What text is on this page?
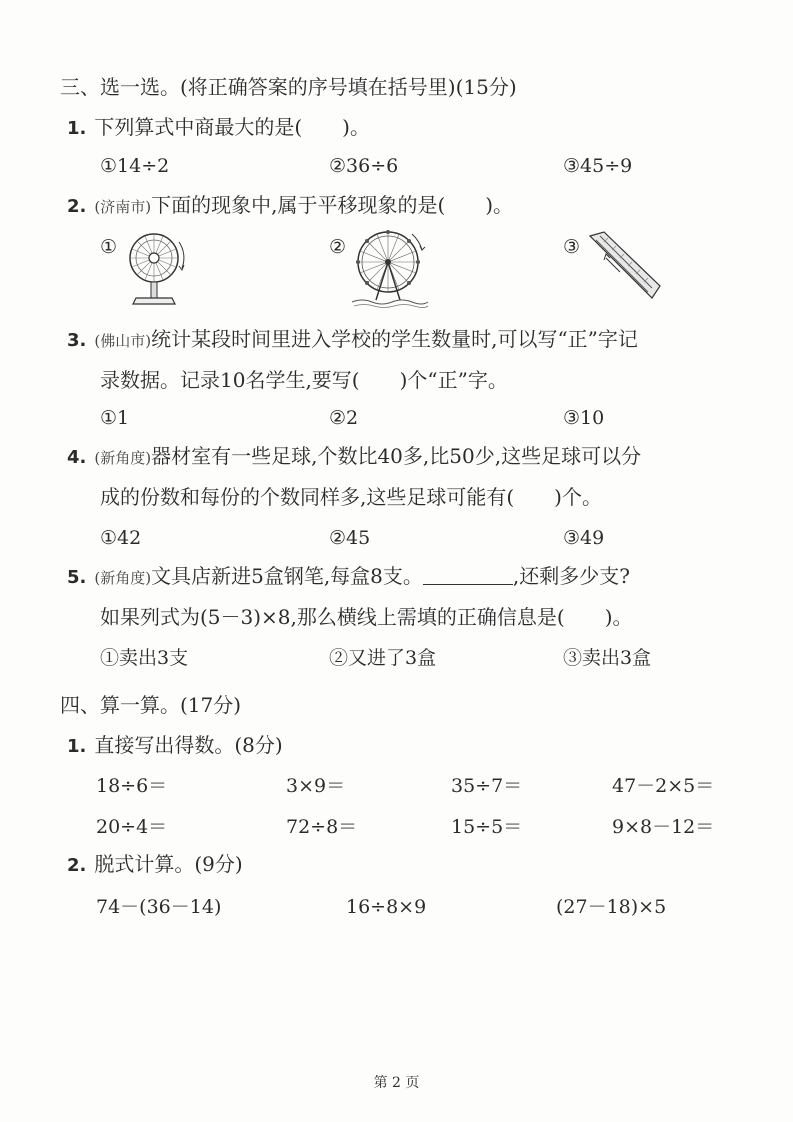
三、选一选。(将正确答案的序号填在括号里)(15分)
1. 下列算式中商最大的是(　　)。
①14÷2	②36÷6	③45÷9
2. (济南市)下面的现象中,属于平移现象的是(　　)。
①	②	③
3. (佛山市)统计某段时间里进入学校的学生数量时,可以写“正”字记
录数据。记录10名学生,要写(　　)个“正”字。
①1	②2	③10
4. (新角度)器材室有一些足球,个数比40多,比50少,这些足球可以分
成的份数和每份的个数同样多,这些足球可能有(　　)个。
①42	②45	③49
5. (新角度)文具店新进5盒钢笔,每盒8支。	,还剩多少支?
如果列式为(5－3)×8,那么横线上需填的正确信息是(　　)。
①卖出3支	②又进了3盒	③卖出3盒
四、算一算。(17分)
1. 直接写出得数。(8分)
18÷6＝	3×9＝	35÷7＝	47－2×5＝
20÷4＝	72÷8＝	15÷5＝	9×8－12＝
2. 脱式计算。(9分)
74－(36－14)	16÷8×9	(27－18)×5
第 2 页
